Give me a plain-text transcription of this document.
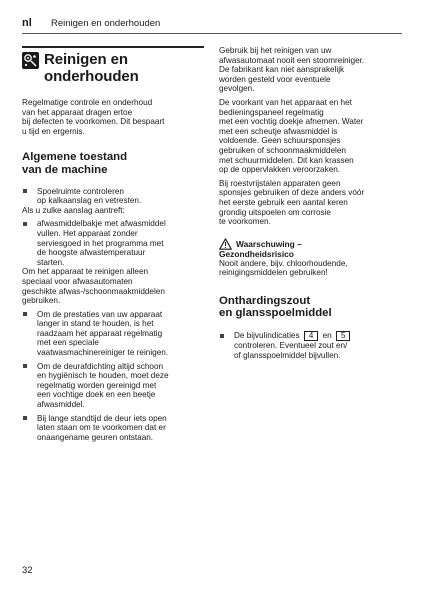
nl Reinigen en onderhouden
Reinigen en
onderhouden
Regelmatige controle en onderhoud
van het apparaat dragen ertoe
bij defecten te voorkomen. Dit bespaart
u tijd en ergernis.
Algemene toestand
van de machine
Spoelruimte controleren
op kalkaanslag en vetresten.
Als u zulke aanslag aantreft:
afwasmiddelbakje met afwasmiddel
vullen. Het apparaat zonder
serviesgoed in het programma met
de hoogste afwastemperatuur
starten.
Om het apparaat te reinigen alleen
speciaal voor afwasautomaten
geschikte afwas-/schoonmaakmiddelen
gebruiken.
Om de prestaties van uw apparaat
langer in stand te houden, is het
raadzaam het apparaat regelmatig
met een speciale
vaatwasmachinereiniger te reinigen.
Om de deurafdichting altijd schoon
en hygiënisch te houden, moet deze
regelmatig worden gereinigd met
een vochtige doek en een beetje
afwasmiddel.
Bij lange standtijd de deur iets open
laten staan om te voorkomen dat er
onaangename geuren ontstaan.
Gebruik bij het reinigen van uw
afwasautomaat nooit een stoomreiniger.
De fabrikant kan niet aansprakelijk
worden gesteld voor eventuele
gevolgen.
De voorkant van het apparaat en het
bedieningspaneel regelmatig
met een vochtig doekje afnemen. Water
met een scheutje afwasmiddel is
voldoende. Geen schuursponsjes
gebruiken of schoonmaakmiddelen
met schuurmiddelen. Dit kan krassen
op de oppervlakken veroorzaken.
Bij roestvrijstalen apparaten geen
sponsjes gebruiken of deze anders vóór
het eerste gebruik een aantal keren
grondig uitspoelen om corrosie
te voorkomen.
Waarschuwing –
Gezondheidsrisico
Nooit andere, bijv. chloorhoudende,
reinigingsmiddelen gebruiken!
Onthardingszout
en glansspoelmiddel
De bijvulindicaties 4 en 5
controleren. Eventueel zout en/
of glansspoelmiddel bijvullen.
32
